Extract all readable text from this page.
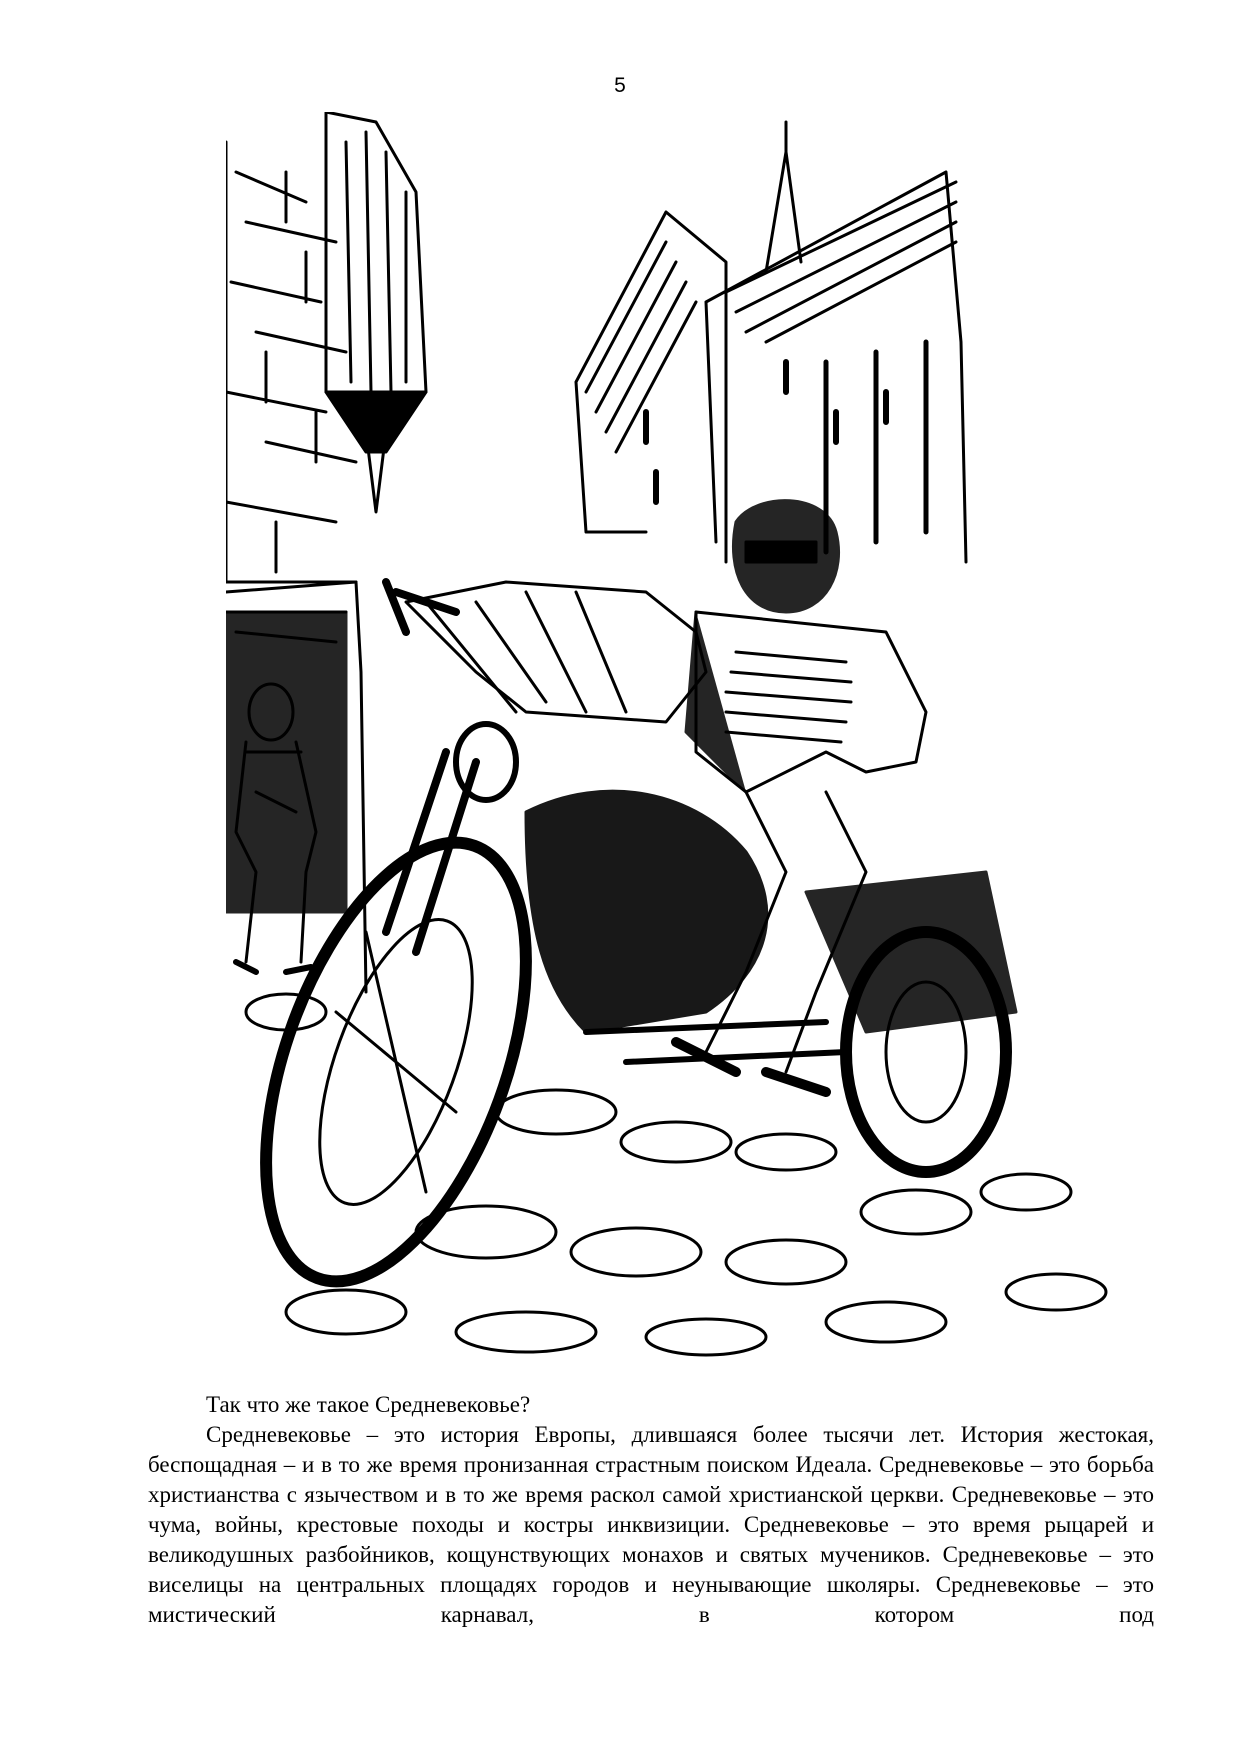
5

Так что же такое Средневековье?

Средневековье – это история Европы, длившаяся более тысячи лет. История жестокая, беспощадная – и в то же время пронизанная страстным поиском Идеала. Средневековье – это борьба христианства с язычеством и в то же время раскол самой христианской церкви. Средневековье – это чума, войны, крестовые походы и костры инквизиции. Средневековье – это время рыцарей и великодушных разбойников, кощунствующих монахов и святых мучеников. Средневековье – это виселицы на центральных площадях городов и неунывающие школяры. Средневековье – это мистический карнавал, в котором под
